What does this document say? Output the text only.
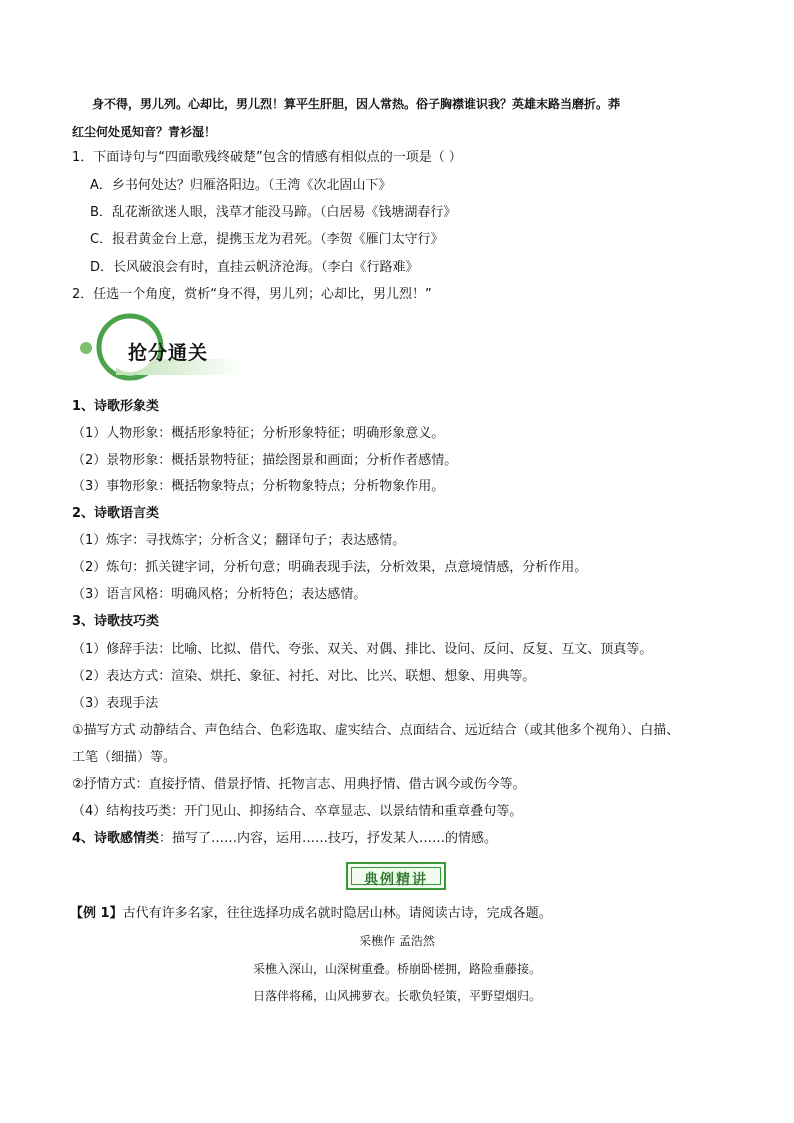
身不得，男儿列。心却比，男儿烈！算平生肝胆，因人常热。俗子胸襟谁识我？英雄末路当磨折。莽
红尘何处觅知音？青衫湿！
1．下面诗句与“四面歌残终破楚”包含的情感有相似点的一项是（ ）
A．乡书何处达？归雁洛阳边。（王湾《次北固山下》
B．乱花渐欲迷人眼，浅草才能没马蹄。（白居易《钱塘湖春行》
C．报君黄金台上意，提携玉龙为君死。（李贺《雁门太守行》
D．长风破浪会有时，直挂云帆济沧海。（李白《行路难》
2．任选一个角度，赏析“身不得，男儿列；心却比，男儿烈！”
抢分通关
1、诗歌形象类
（1）人物形象：概括形象特征；分析形象特征；明确形象意义。
（2）景物形象：概括景物特征；描绘图景和画面；分析作者感情。
（3）事物形象：概括物象特点；分析物象特点；分析物象作用。
2、诗歌语言类
（1）炼字：寻找炼字；分析含义；翻译句子；表达感情。
（2）炼句：抓关键字词，分析句意；明确表现手法，分析效果，点意境情感，分析作用。
（3）语言风格：明确风格；分析特色；表达感情。
3、诗歌技巧类
（1）修辞手法：比喻、比拟、借代、夸张、双关、对偶、排比、设问、反问、反复、互文、顶真等。
（2）表达方式：渲染、烘托、象征、衬托、对比、比兴、联想、想象、用典等。
（3）表现手法
①描写方式 动静结合、声色结合、色彩选取、虚实结合、点面结合、远近结合（或其他多个视角）、白描、
工笔（细描）等。
②抒情方式：直接抒情、借景抒情、托物言志、用典抒情、借古讽今或伤今等。
（4）结构技巧类：开门见山、抑扬结合、卒章显志、以景结情和重章叠句等。
4、诗歌感情类：描写了……内容，运用……技巧，抒发某人……的情感。
典例精讲
【例 1】古代有许多名家，往往选择功成名就时隐居山林。请阅读古诗，完成各题。
采樵作 孟浩然
采樵入深山，山深树重叠。桥崩卧槎拥，路险垂藤接。
日落伴将稀，山风拂萝衣。长歌负轻策，平野望烟归。
